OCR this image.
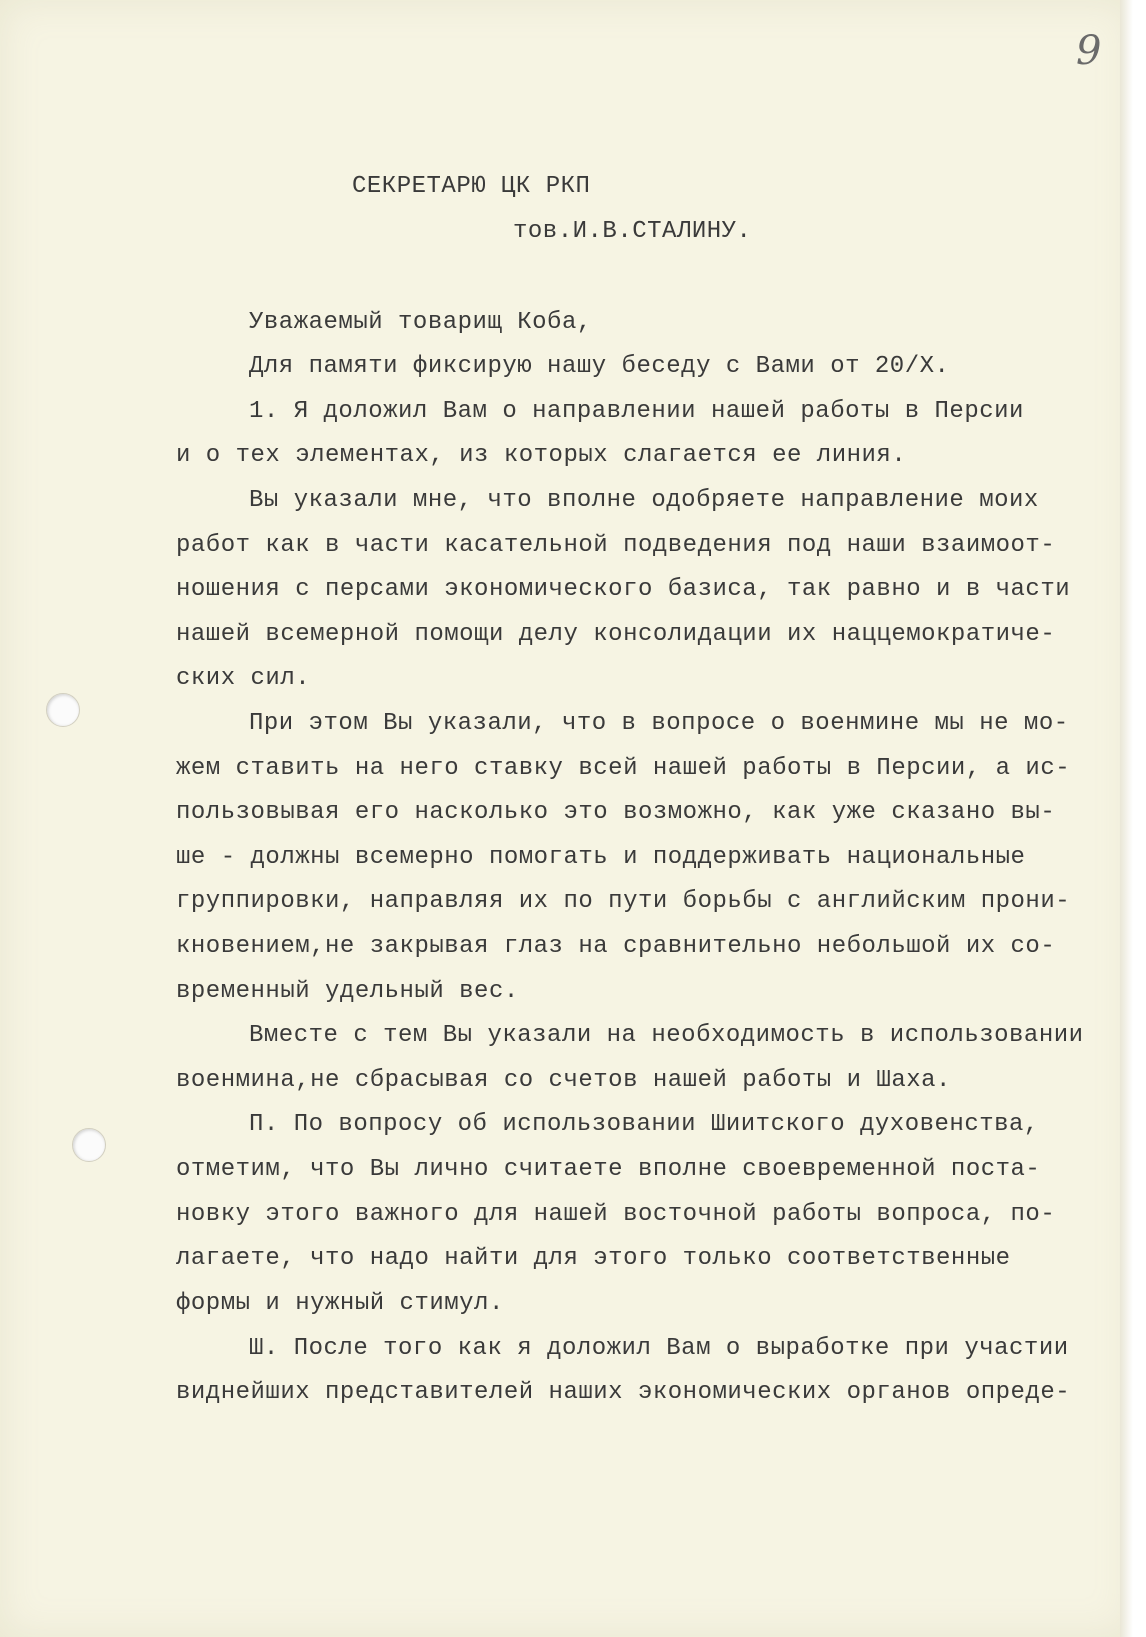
9

СЕКРЕТАРЮ ЦК РКП

тов.И.В.СТАЛИНУ.

Уважаемый товарищ Коба,

Для памяти фиксирую нашу беседу с Вами от 20/Х.

1. Я доложил Вам о направлении нашей работы в Персии

и о тех элементах, из которых слагается ее линия.

Вы указали мне, что вполне одобряете направление моих

работ как в части касательной подведения под наши взаимоот-

ношения с персами экономического базиса, так равно и в части

нашей всемерной помощи делу консолидации их наццемократиче-

ских сил.

При этом Вы указали, что в вопросе о военмине мы не мо-

жем ставить на него ставку всей нашей работы в Персии, а ис-

пользовывая его насколько это возможно, как уже сказано вы-

ше - должны всемерно помогать и поддерживать национальные

группировки, направляя их по пути борьбы с английским прони-

кновением,не закрывая глаз на сравнительно небольшой их со-

временный удельный вес.

Вместе с тем Вы указали на необходимость в использовании

военмина,не сбрасывая со счетов нашей работы и Шаха.

П. По вопросу об использовании Шиитского духовенства,

отметим, что Вы лично считаете вполне своевременной поста-

новку этого важного для нашей восточной работы вопроса, по-

лагаете, что надо найти для этого только соответственные

формы и нужный стимул.

Ш. После того как я доложил Вам о выработке при участии

виднейших представителей наших экономических органов опреде-
